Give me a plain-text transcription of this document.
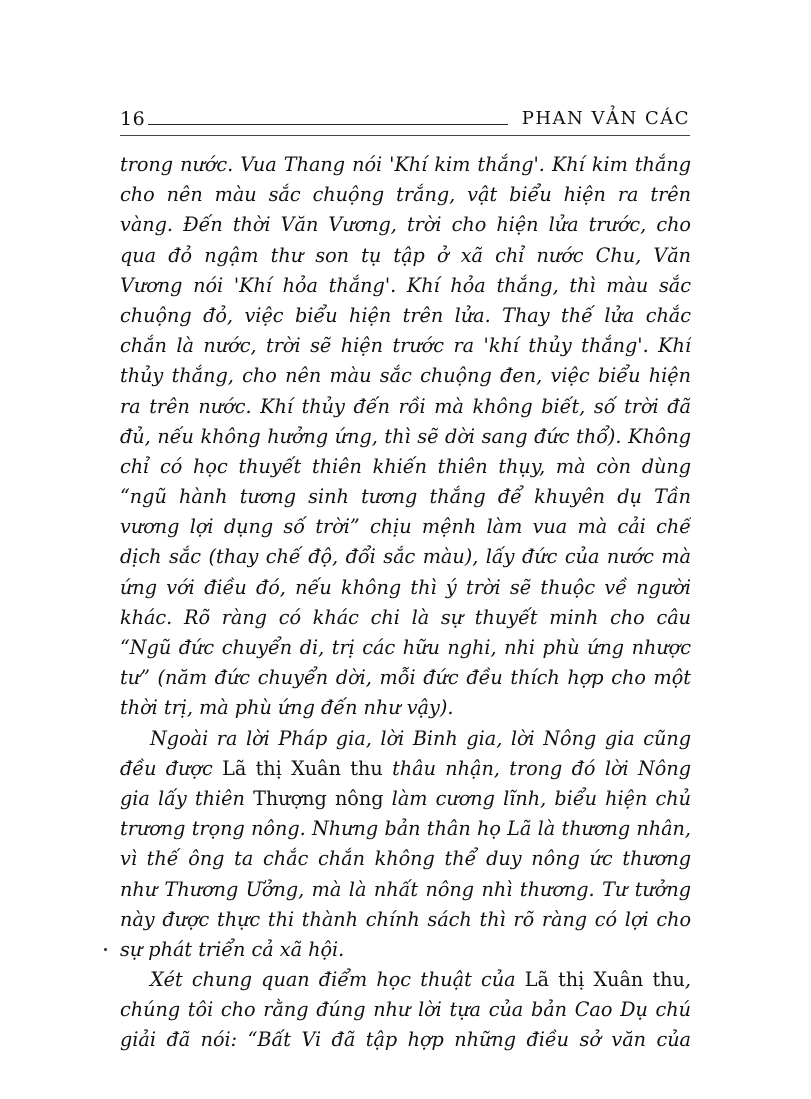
16	PHAN VẢN CÁC
trong nước. Vua Thang nói 'Khí kim thắng'. Khí kim thắng
cho nên màu sắc chuộng trắng, vật biểu hiện ra trên
vàng. Đến thời Văn Vương, trời cho hiện lửa trước, cho
qua đỏ ngậm thư son tụ tập ở xã chỉ nước Chu, Văn
Vương nói 'Khí hỏa thắng'. Khí hỏa thắng, thì màu sắc
chuộng đỏ, việc biểu hiện trên lửa. Thay thế lửa chắc
chắn là nước, trời sẽ hiện trước ra 'khí thủy thắng'. Khí
thủy thắng, cho nên màu sắc chuộng đen, việc biểu hiện
ra trên nước. Khí thủy đến rồi mà không biết, số trời đã
đủ, nếu không hưởng ứng, thì sẽ dời sang đức thổ). Không
chỉ có học thuyết thiên khiến thiên thụy, mà còn dùng
“ngũ hành tương sinh tương thắng để khuyên dụ Tần
vương lợi dụng số trời” chịu mệnh làm vua mà cải chế
dịch sắc (thay chế độ, đổi sắc màu), lấy đức của nước mà
ứng với điều đó, nếu không thì ý trời sẽ thuộc về người
khác. Rõ ràng có khác chi là sự thuyết minh cho câu
“Ngũ đức chuyển di, trị các hữu nghi, nhi phù ứng nhược
tư” (năm đức chuyển dời, mỗi đức đều thích hợp cho một
thời trị, mà phù ứng đến như vậy).
Ngoài ra lời Pháp gia, lời Binh gia, lời Nông gia cũng
đều được Lã thị Xuân thu thâu nhận, trong đó lời Nông
gia lấy thiên Thượng nông làm cương lĩnh, biểu hiện chủ
trương trọng nông. Nhưng bản thân họ Lã là thương nhân,
vì thế ông ta chắc chắn không thể duy nông ức thương
như Thương Ưởng, mà là nhất nông nhì thương. Tư tưởng
này được thực thi thành chính sách thì rõ ràng có lợi cho
sự phát triển cả xã hội.
Xét chung quan điểm học thuật của Lã thị Xuân thu,
chúng tôi cho rằng đúng như lời tựa của bản Cao Dụ chú
giải đã nói: “Bất Vi đã tập hợp những điều sở văn của
